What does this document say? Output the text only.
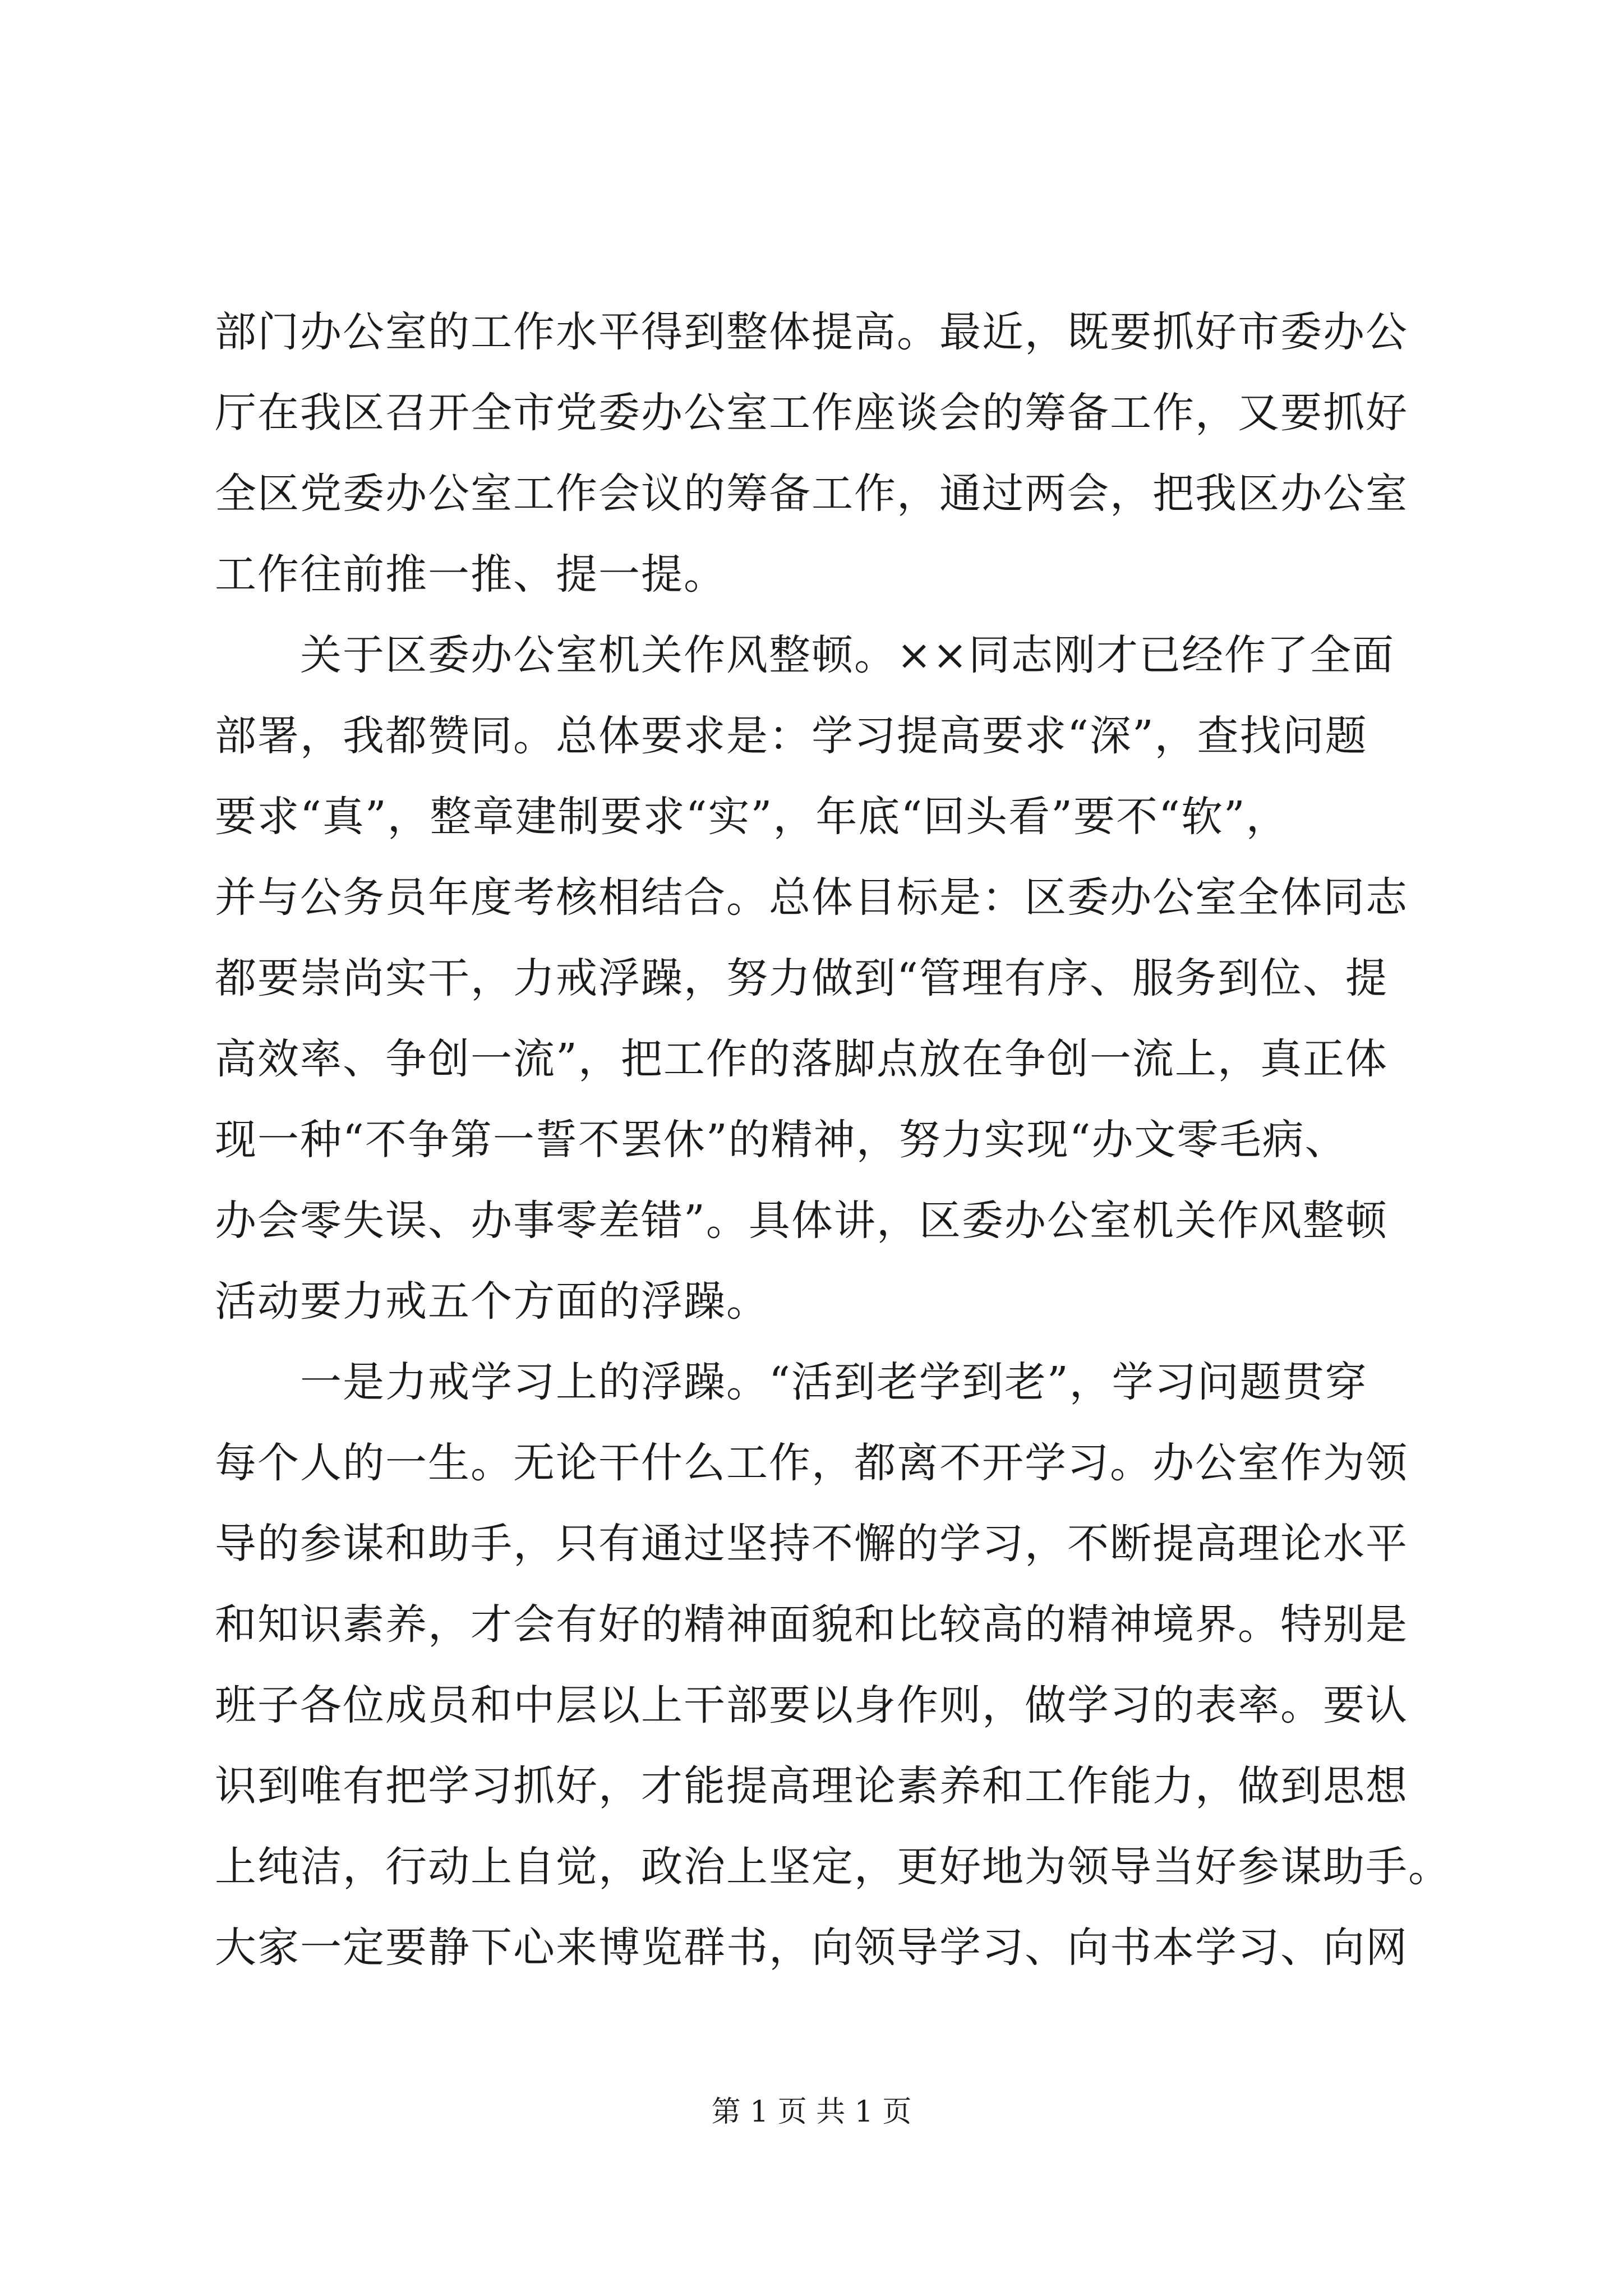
部门办公室的工作水平得到整体提高。最近，既要抓好市委办公
厅在我区召开全市党委办公室工作座谈会的筹备工作，又要抓好
全区党委办公室工作会议的筹备工作，通过两会，把我区办公室
工作往前推一推、提一提。
　　关于区委办公室机关作风整顿。××同志刚才已经作了全面
部署，我都赞同。总体要求是：学习提高要求“深”，查找问题
要求“真”，整章建制要求“实”，年底“回头看”要不“软”，
并与公务员年度考核相结合。总体目标是：区委办公室全体同志
都要崇尚实干，力戒浮躁，努力做到“管理有序、服务到位、提
高效率、争创一流”，把工作的落脚点放在争创一流上，真正体
现一种“不争第一誓不罢休”的精神，努力实现“办文零毛病、
办会零失误、办事零差错”。具体讲，区委办公室机关作风整顿
活动要力戒五个方面的浮躁。
　　一是力戒学习上的浮躁。“活到老学到老”，学习问题贯穿
每个人的一生。无论干什么工作，都离不开学习。办公室作为领
导的参谋和助手，只有通过坚持不懈的学习，不断提高理论水平
和知识素养，才会有好的精神面貌和比较高的精神境界。特别是
班子各位成员和中层以上干部要以身作则，做学习的表率。要认
识到唯有把学习抓好，才能提高理论素养和工作能力，做到思想
上纯洁，行动上自觉，政治上坚定，更好地为领导当好参谋助手。
大家一定要静下心来博览群书，向领导学习、向书本学习、向网
第 1 页 共 1 页
